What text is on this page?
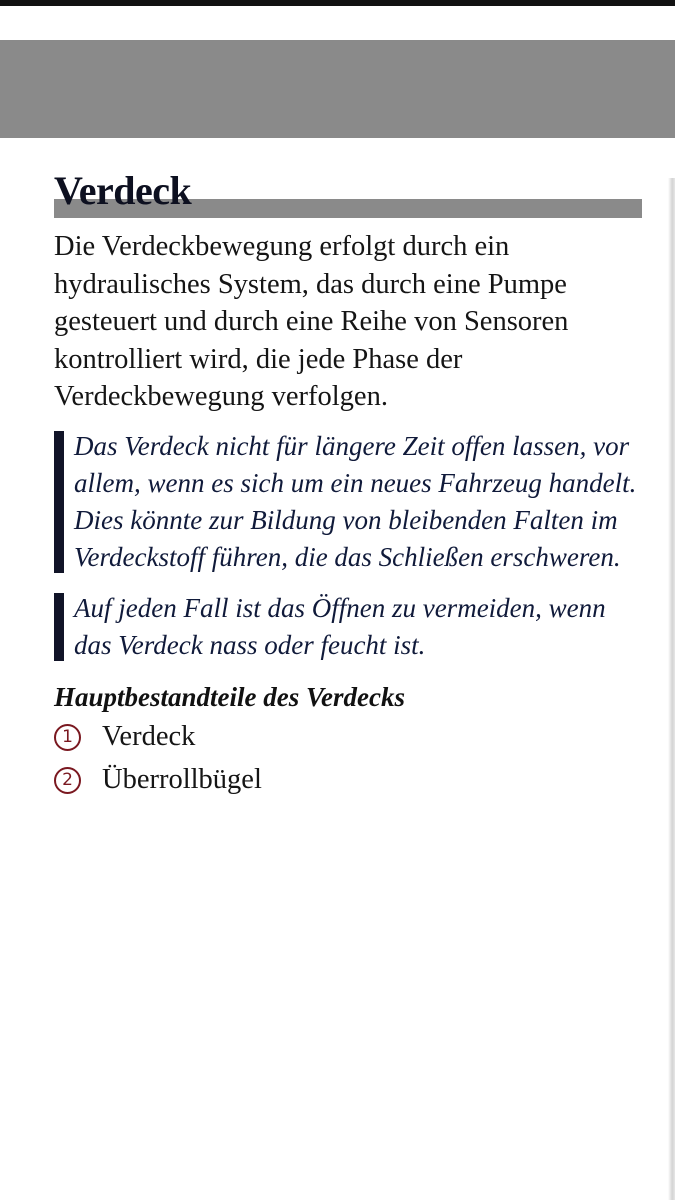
Verdeck

Die Verdeckbewegung erfolgt durch ein hydraulisches System, das durch eine Pumpe gesteuert und durch eine Reihe von Sensoren kontrolliert wird, die jede Phase der Verdeckbewegung verfolgen.

Das Verdeck nicht für längere Zeit offen lassen, vor allem, wenn es sich um ein neues Fahrzeug handelt. Dies könnte zur Bildung von bleibenden Falten im Verdeckstoff führen, die das Schließen erschweren.
Auf jeden Fall ist das Öffnen zu vermeiden, wenn das Verdeck nass oder feucht ist.

Hauptbestandteile des Verdecks

1 Verdeck
2 Überrollbügel
